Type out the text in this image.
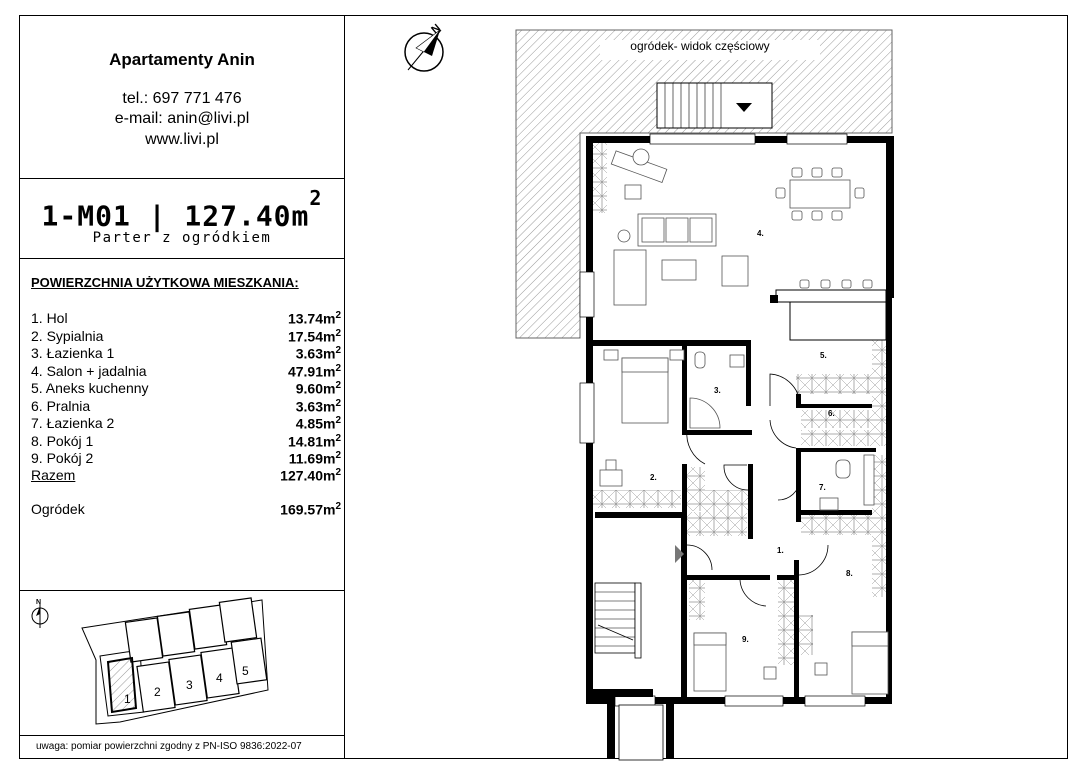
Apartamenty Anin
tel.: 697 771 476
e-mail: anin@livi.pl
www.livi.pl
1-M01 | $127.40m^2$
Parter z ogródkiem
POWIERZCHNIA UŻYTKOWA MIESZKANIA:
1. Hol	$13.74m^2$
2. Sypialnia	$17.54m^2$
3. Łazienka 1	$3.63m^2$
4. Salon + jadalnia	$47.91m^2$
5. Aneks kuchenny	$9.60m^2$
6. Pralnia	$3.63m^2$
7. Łazienka 2	$4.85m^2$
8. Pokój 1	$14.81m^2$
9. Pokój 2	$11.69m^2$
Razem	$127.40m^2$
Ogródek	$169.57m^2$
uwaga: pomiar powierzchni zgodny z PN-ISO 9836:2022-07
ogródek- widok częściowy
N
1.
2.
3.
4.
5.
6.
7.
8.
9.
N
1 2 3 4 5
